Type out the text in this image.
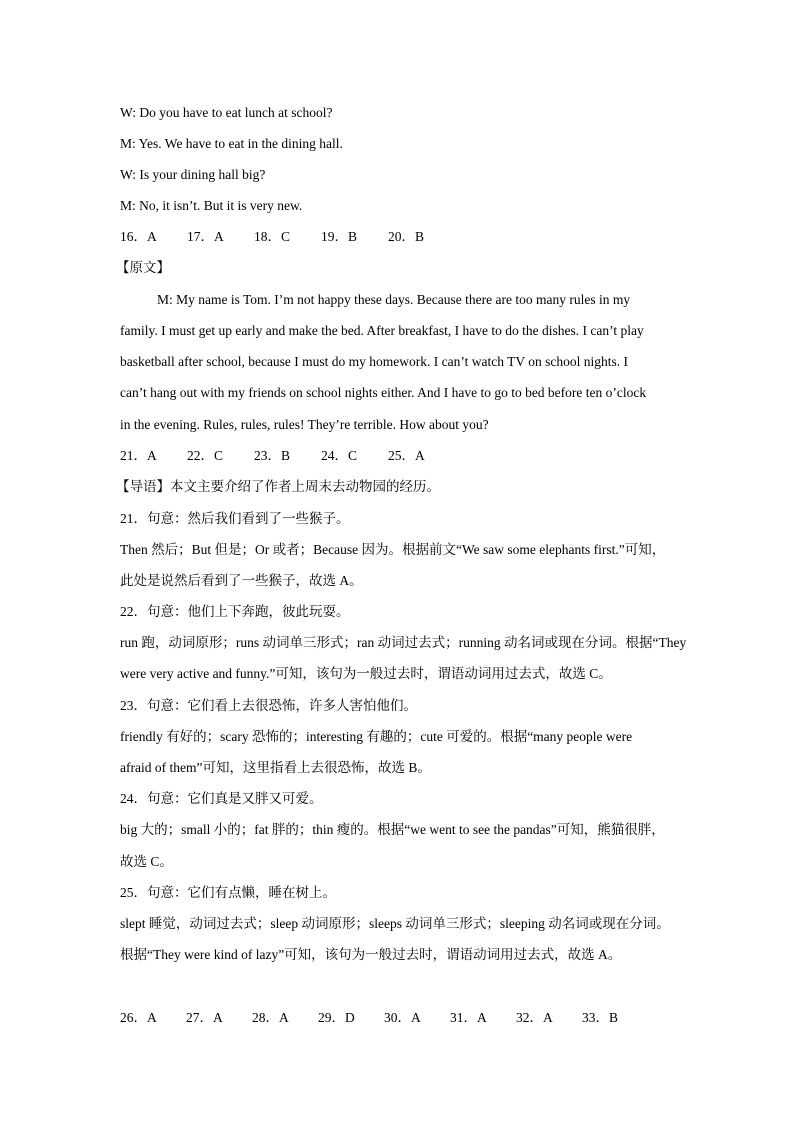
W: Do you have to eat lunch at school?
M: Yes. We have to eat in the dining hall.
W: Is your dining hall big?
M: No, it isn’t. But it is very new.
16．A 17．A 18．C 19．B 20．B
【原文】
M: My name is Tom. I’m not happy these days. Because there are too many rules in my
family. I must get up early and make the bed. After breakfast, I have to do the dishes. I can’t play
basketball after school, because I must do my homework. I can’t watch TV on school nights. I
can’t hang out with my friends on school nights either. And I have to go to bed before ten o’clock
in the evening. Rules, rules, rules! They’re terrible. How about you?
21．A 22．C 23．B 24．C 25．A
【导语】本文主要介绍了作者上周末去动物园的经历。
21．句意：然后我们看到了一些猴子。
Then 然后；But 但是；Or 或者；Because 因为。根据前文“We saw some elephants first.”可知，
此处是说然后看到了一些猴子，故选 A。
22．句意：他们上下奔跑，彼此玩耍。
run 跑，动词原形；runs 动词单三形式；ran 动词过去式；running 动名词或现在分词。根据“They
were very active and funny.”可知，该句为一般过去时，谓语动词用过去式，故选 C。
23．句意：它们看上去很恐怖，许多人害怕他们。
friendly 有好的；scary 恐怖的；interesting 有趣的；cute 可爱的。根据“many people were
afraid of them”可知，这里指看上去很恐怖，故选 B。
24．句意：它们真是又胖又可爱。
big 大的；small 小的；fat 胖的；thin 瘦的。根据“we went to see the pandas”可知，熊猫很胖，
故选 C。
25．句意：它们有点懒，睡在树上。
slept 睡觉，动词过去式；sleep 动词原形；sleeps 动词单三形式；sleeping 动名词或现在分词。
根据“They were kind of lazy”可知，该句为一般过去时，谓语动词用过去式，故选 A。
26．A 27．A 28．A 29．D 30．A 31．A 32．A 33．B
